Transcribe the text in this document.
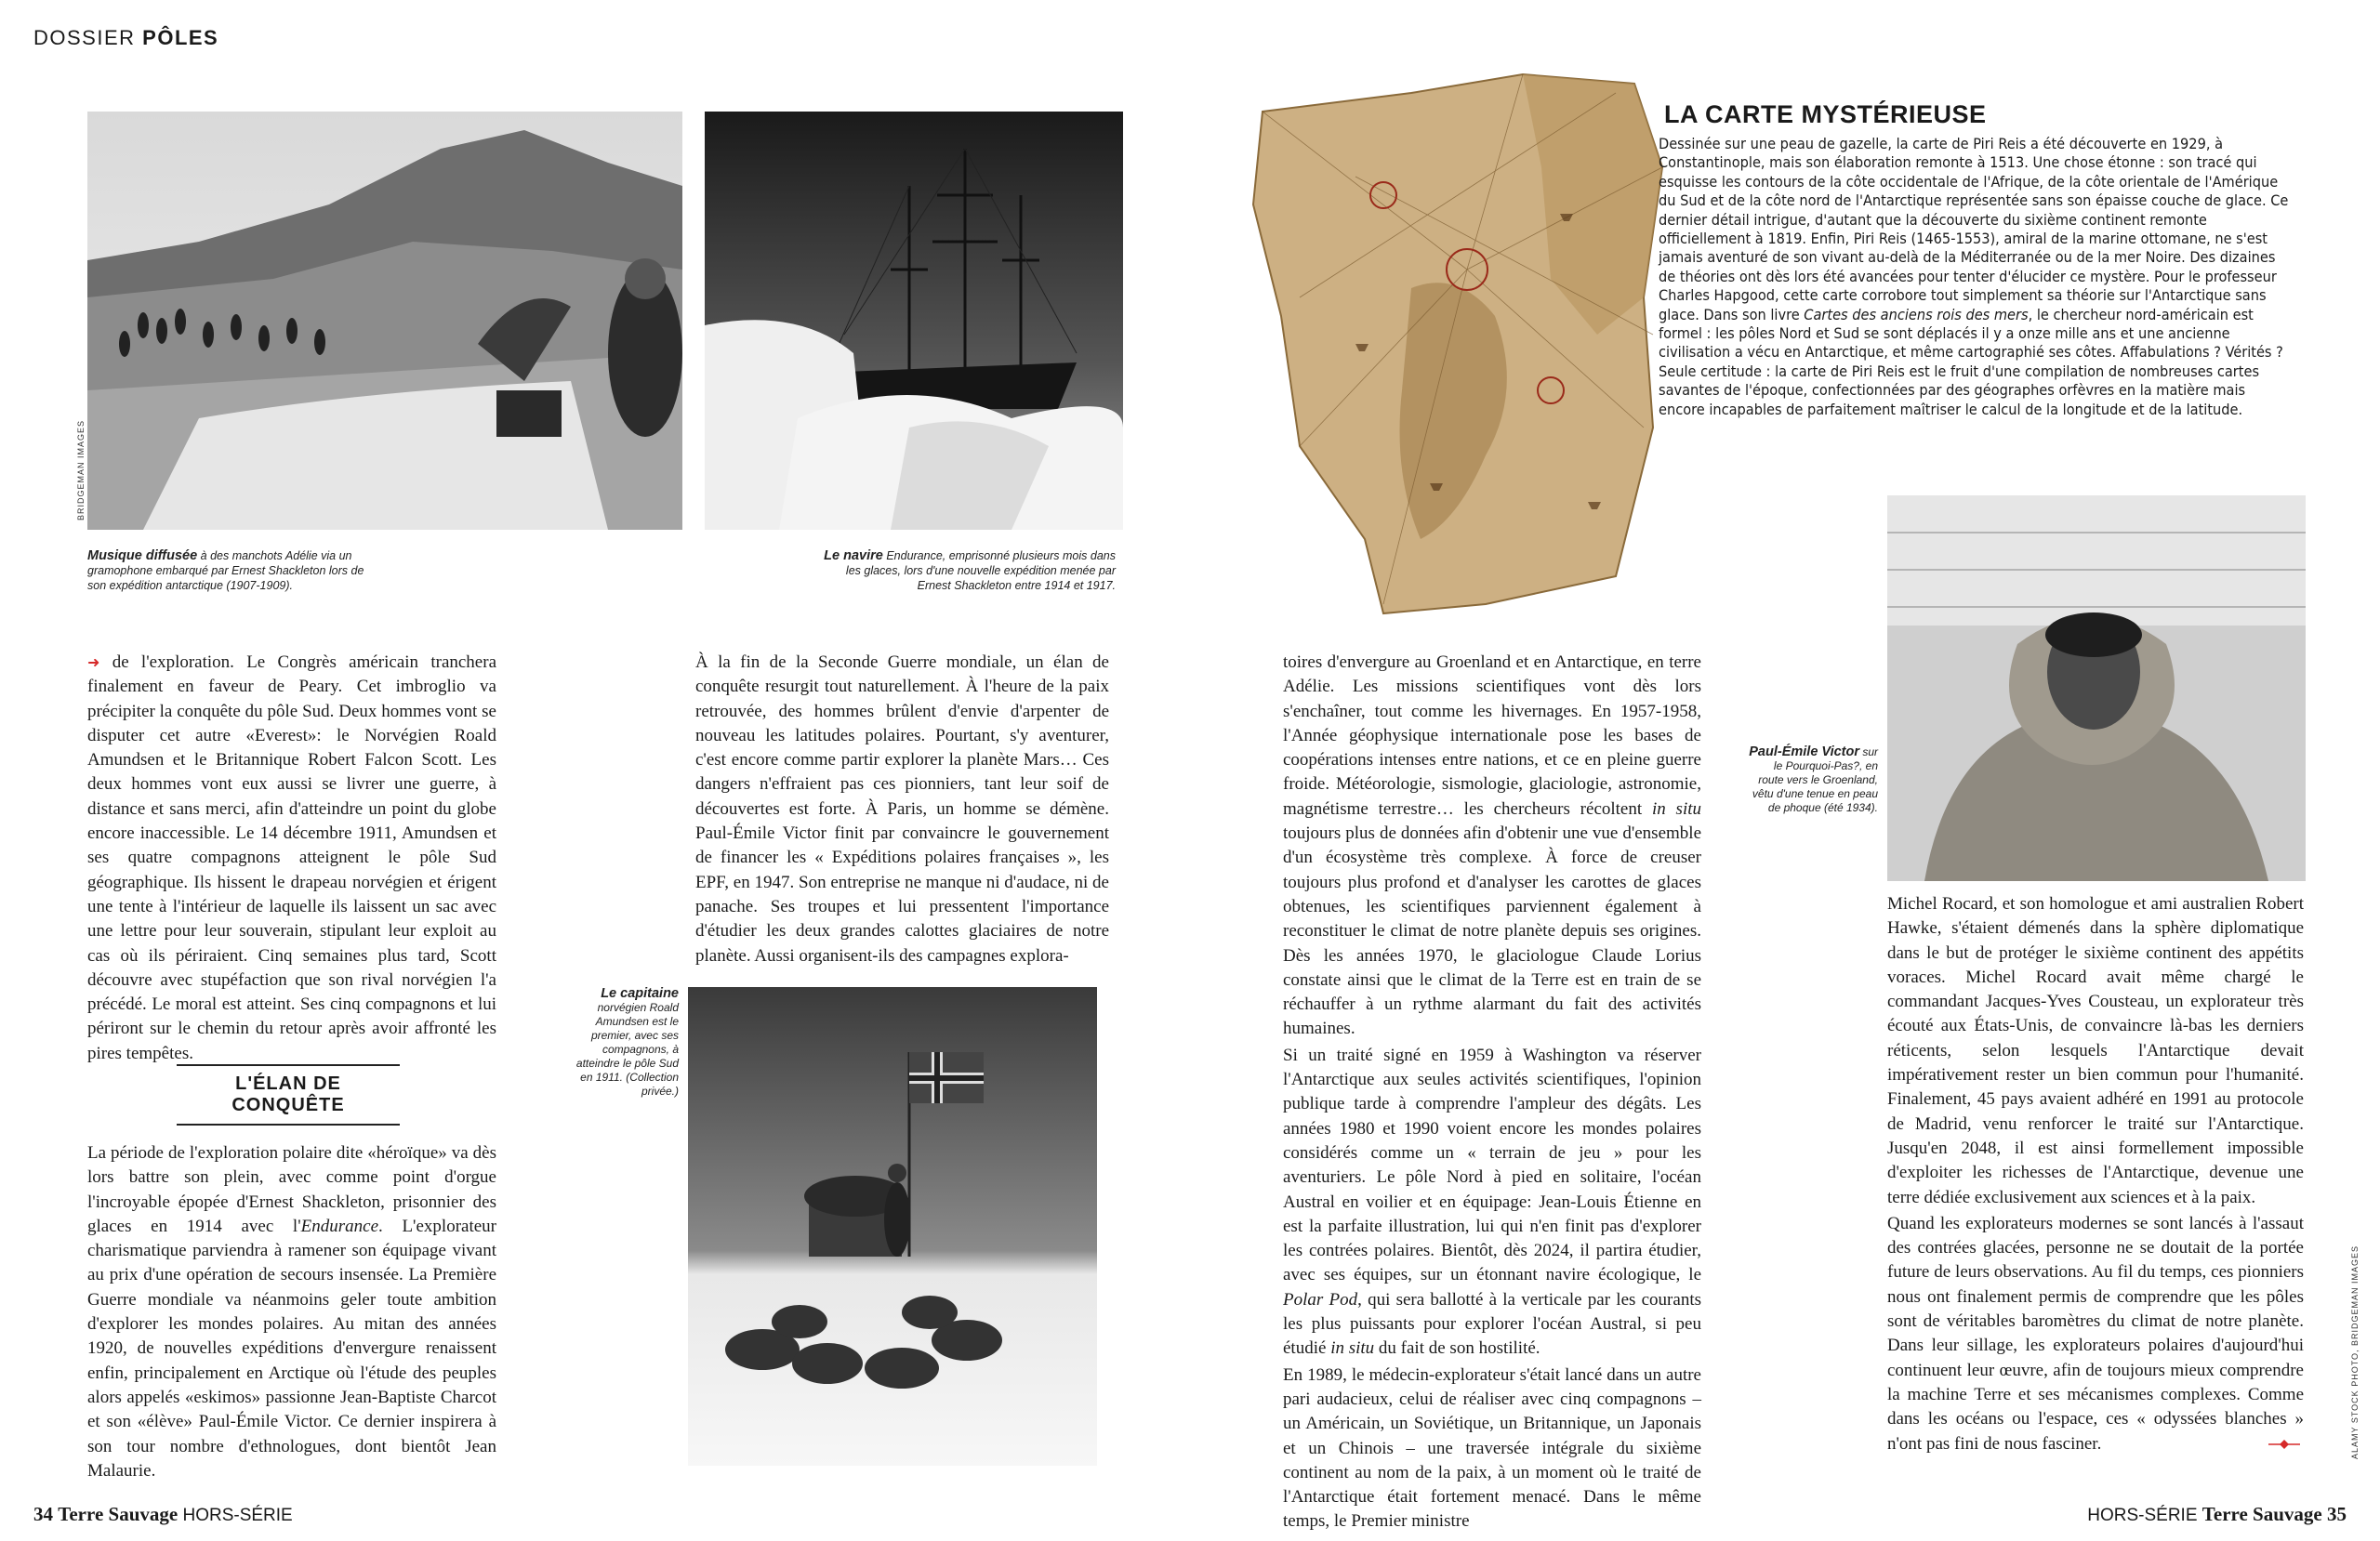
DOSSIER PÔLES
BRIDGEMAN IMAGES
Musique diffusée à des manchots Adélie via un gramophone embarqué par Ernest Shackleton lors de son expédition antarctique (1907-1909).
Le navire Endurance, emprisonné plusieurs mois dans les glaces, lors d'une nouvelle expédition menée par Ernest Shackleton entre 1914 et 1917.

➜ de l'exploration. Le Congrès américain tranchera finalement en faveur de Peary. Cet imbroglio va précipiter la conquête du pôle Sud. Deux hommes vont se disputer cet autre «Everest»: le Norvégien Roald Amundsen et le Britannique Robert Falcon Scott. Les deux hommes vont eux aussi se livrer une guerre, à distance et sans merci, afin d'atteindre un point du globe encore inaccessible. Le 14 décembre 1911, Amundsen et ses quatre compagnons atteignent le pôle Sud géographique. Ils hissent le drapeau norvégien et érigent une tente à l'intérieur de laquelle ils laissent un sac avec une lettre pour leur souverain, stipulant leur exploit au cas où ils périraient. Cinq semaines plus tard, Scott découvre avec stupéfaction que son rival norvégien l'a précédé. Le moral est atteint. Ses cinq compagnons et lui périront sur le chemin du retour après avoir affronté les pires tempêtes.

L'ÉLAN DE CONQUÊTE

La période de l'exploration polaire dite «héroïque» va dès lors battre son plein, avec comme point d'orgue l'incroyable épopée d'Ernest Shackleton, prisonnier des glaces en 1914 avec l'Endurance. L'explorateur charismatique parviendra à ramener son équipage vivant au prix d'une opération de secours insensée. La Première Guerre mondiale va néanmoins geler toute ambition d'explorer les mondes polaires. Au mitan des années 1920, de nouvelles expéditions d'envergure renaissent enfin, principalement en Arctique où l'étude des peuples alors appelés «eskimos» passionne Jean-Baptiste Charcot et son «élève» Paul-Émile Victor. Ce dernier inspirera à son tour nombre d'ethnologues, dont bientôt Jean Malaurie.

À la fin de la Seconde Guerre mondiale, un élan de conquête resurgit tout naturellement. À l'heure de la paix retrouvée, des hommes brûlent d'envie d'arpenter de nouveau les latitudes polaires. Pourtant, s'y aventurer, c'est encore comme partir explorer la planète Mars… Ces dangers n'effraient pas ces pionniers, tant leur soif de découvertes est forte. À Paris, un homme se démène. Paul-Émile Victor finit par convaincre le gouvernement de financer les « Expéditions polaires françaises », les EPF, en 1947. Son entreprise ne manque ni d'audace, ni de panache. Ses troupes et lui pressentent l'importance d'étudier les deux grandes calottes glaciaires de notre planète. Aussi organisent-ils des campagnes explora-

Le capitaine
norvégien Roald Amundsen est le premier, avec ses compagnons, à atteindre le pôle Sud en 1911. (Collection privée.)

toires d'envergure au Groenland et en Antarctique, en terre Adélie. Les missions scientifiques vont dès lors s'enchaîner, tout comme les hivernages. En 1957-1958, l'Année géophysique internationale pose les bases de coopérations intenses entre nations, et ce en pleine guerre froide. Météorologie, sismologie, glaciologie, astronomie, magnétisme terrestre… les chercheurs récoltent in situ toujours plus de données afin d'obtenir une vue d'ensemble d'un écosystème très complexe. À force de creuser toujours plus profond et d'analyser les carottes de glaces obtenues, les scientifiques parviennent également à reconstituer le climat de notre planète depuis ses origines. Dès les années 1970, le glaciologue Claude Lorius constate ainsi que le climat de la Terre est en train de se réchauffer à un rythme alarmant du fait des activités humaines.

Si un traité signé en 1959 à Washington va réserver l'Antarctique aux seules activités scientifiques, l'opinion publique tarde à comprendre l'ampleur des dégâts. Les années 1980 et 1990 voient encore les mondes polaires considérés comme un « terrain de jeu » pour les aventuriers. Le pôle Nord à pied en solitaire, l'océan Austral en voilier et en équipage: Jean-Louis Étienne en est la parfaite illustration, lui qui n'en finit pas d'explorer les contrées polaires. Bientôt, dès 2024, il partira étudier, avec ses équipes, sur un étonnant navire écologique, le Polar Pod, qui sera ballotté à la verticale par les courants les plus puissants pour explorer l'océan Austral, si peu étudié in situ du fait de son hostilité.

En 1989, le médecin-explorateur s'était lancé dans un autre pari audacieux, celui de réaliser avec cinq compagnons – un Américain, un Soviétique, un Britannique, un Japonais et un Chinois – une traversée intégrale du sixième continent au nom de la paix, à un moment où le traité de l'Antarctique était fortement menacé. Dans le même temps, le Premier ministre

LA CARTE MYSTÉRIEUSE
Dessinée sur une peau de gazelle, la carte de Piri Reis a été découverte en 1929, à Constantinople, mais son élaboration remonte à 1513. Une chose étonne : son tracé qui esquisse les contours de la côte occidentale de l'Afrique, de la côte orientale de l'Amérique du Sud et de la côte nord de l'Antarctique représentée sans son épaisse couche de glace. Ce dernier détail intrigue, d'autant que la découverte du sixième continent remonte officiellement à 1819. Enfin, Piri Reis (1465-1553), amiral de la marine ottomane, ne s'est jamais aventuré de son vivant au-delà de la Méditerranée ou de la mer Noire. Des dizaines de théories ont dès lors été avancées pour tenter d'élucider ce mystère. Pour le professeur Charles Hapgood, cette carte corrobore tout simplement sa théorie sur l'Antarctique sans glace. Dans son livre Cartes des anciens rois des mers, le chercheur nord-américain est formel : les pôles Nord et Sud se sont déplacés il y a onze mille ans et une ancienne civilisation a vécu en Antarctique, et même cartographié ses côtes. Affabulations ? Vérités ? Seule certitude : la carte de Piri Reis est le fruit d'une compilation de nombreuses cartes savantes de l'époque, confectionnées par des géographes orfèvres en la matière mais encore incapables de parfaitement maîtriser le calcul de la longitude et de la latitude.
Paul-Émile Victor sur le Pourquoi-Pas?, en route vers le Groenland, vêtu d'une tenue en peau de phoque (été 1934).

Michel Rocard, et son homologue et ami australien Robert Hawke, s'étaient démenés dans la sphère diplomatique dans le but de protéger le sixième continent des appétits voraces. Michel Rocard avait même chargé le commandant Jacques-Yves Cousteau, un explorateur très écouté aux États-Unis, de convaincre là-bas les derniers réticents, selon lesquels l'Antarctique devait impérativement rester un bien commun pour l'humanité. Finalement, 45 pays avaient adhéré en 1991 au protocole de Madrid, venu renforcer le traité sur l'Antarctique. Jusqu'en 2048, il est ainsi formellement impossible d'exploiter les richesses de l'Antarctique, devenue une terre dédiée exclusivement aux sciences et à la paix.

Quand les explorateurs modernes se sont lancés à l'assaut des contrées glacées, personne ne se doutait de la portée future de leurs observations. Au fil du temps, ces pionniers nous ont finalement permis de comprendre que les pôles sont de véritables baromètres du climat de notre planète. Dans leur sillage, les explorateurs polaires d'aujourd'hui continuent leur œuvre, afin de toujours mieux comprendre la machine Terre et ses mécanismes complexes. Comme dans les océans ou l'espace, ces « odyssées blanches » n'ont pas fini de nous fasciner.	ALAMY STOCK PHOTO, BRIDGEMAN IMAGES
34 Terre Sauvage HORS-SÉRIE	HORS-SÉRIE Terre Sauvage 35
